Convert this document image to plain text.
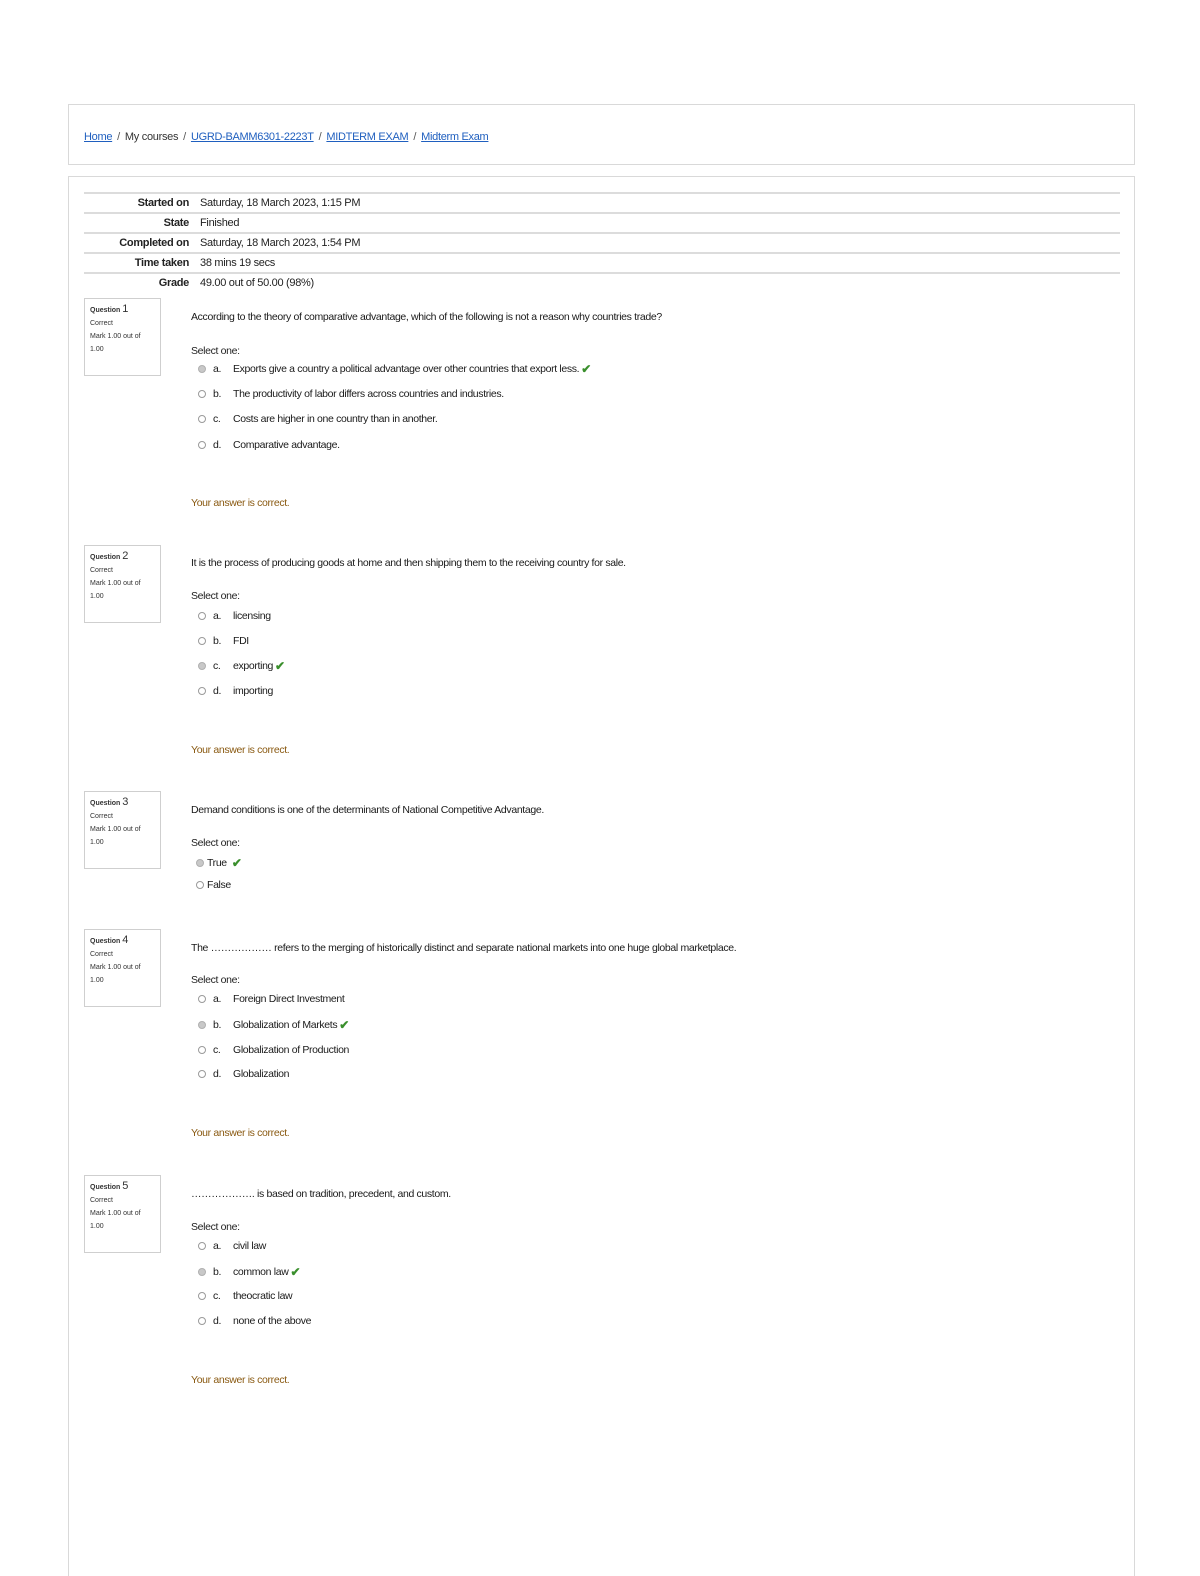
Home / My courses / UGRD-BAMM6301-2223T / MIDTERM EXAM / Midterm Exam
Started on Saturday, 18 March 2023, 1:15 PM
State Finished
Completed on Saturday, 18 March 2023, 1:54 PM
Time taken 38 mins 19 secs
Grade 49.00 out of 50.00 (98%)
Question 1
Correct
Mark 1.00 out of 1.00
According to the theory of comparative advantage, which of the following is not a reason why countries trade?
Select one:
a.	Exports give a country a political advantage over other countries that export less. ✔
b.	The productivity of labor differs across countries and industries.
c.	Costs are higher in one country than in another.
d.	Comparative advantage.
Your answer is correct.
Question 2
Correct
Mark 1.00 out of 1.00
It is the process of producing goods at home and then shipping them to the receiving country for sale.
Select one:
a.	licensing
b.	FDI
c.	exporting ✔
d.	importing
Your answer is correct.
Question 3
Correct
Mark 1.00 out of 1.00
Demand conditions is one of the determinants of National Competitive Advantage.
Select one:
True ✔
False
Question 4
Correct
Mark 1.00 out of 1.00
The ……………… refers to the merging of historically distinct and separate national markets into one huge global marketplace.
Select one:
a.	Foreign Direct Investment
b.	Globalization of Markets ✔
c.	Globalization of Production
d.	Globalization
Your answer is correct.
Question 5
Correct
Mark 1.00 out of 1.00
………………. is based on tradition, precedent, and custom.
Select one:
a.	civil law
b.	common law ✔
c.	theocratic law
d.	none of the above
Your answer is correct.
